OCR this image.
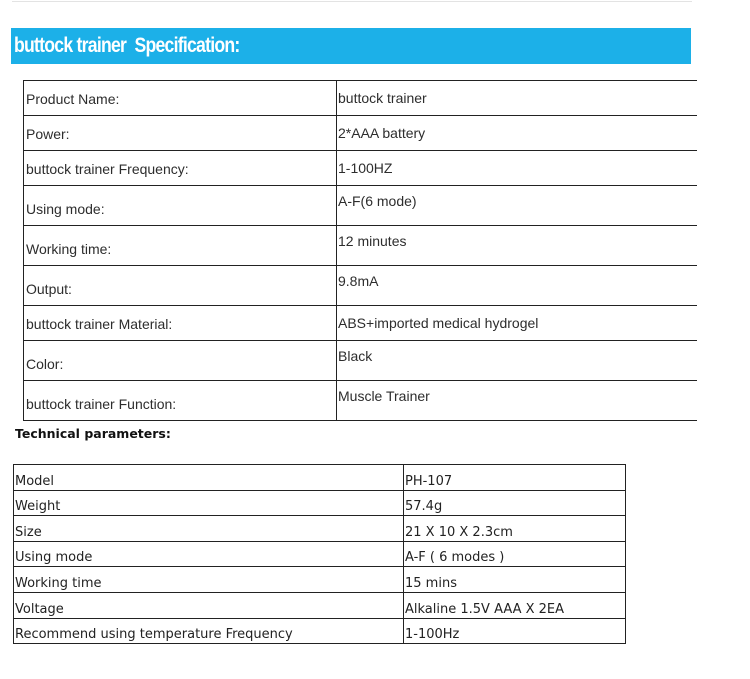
buttock trainer  Specification:
Product Name:	buttock trainer
Power:	2*AAA battery
buttock trainer Frequency:	1-100HZ
Using mode:	A-F(6 mode)
Working time:	12 minutes
Output:	9.8mA
buttock trainer Material:	ABS+imported medical hydrogel
Color:	Black
buttock trainer Function:	Muscle Trainer
Technical parameters:
Model	PH-107
Weight	57.4g
Size	21 X 10 X 2.3cm
Using mode	A-F ( 6 modes )
Working time	15 mins
Voltage	Alkaline 1.5V AAA X 2EA
Recommend using temperature Frequency	1-100Hz
